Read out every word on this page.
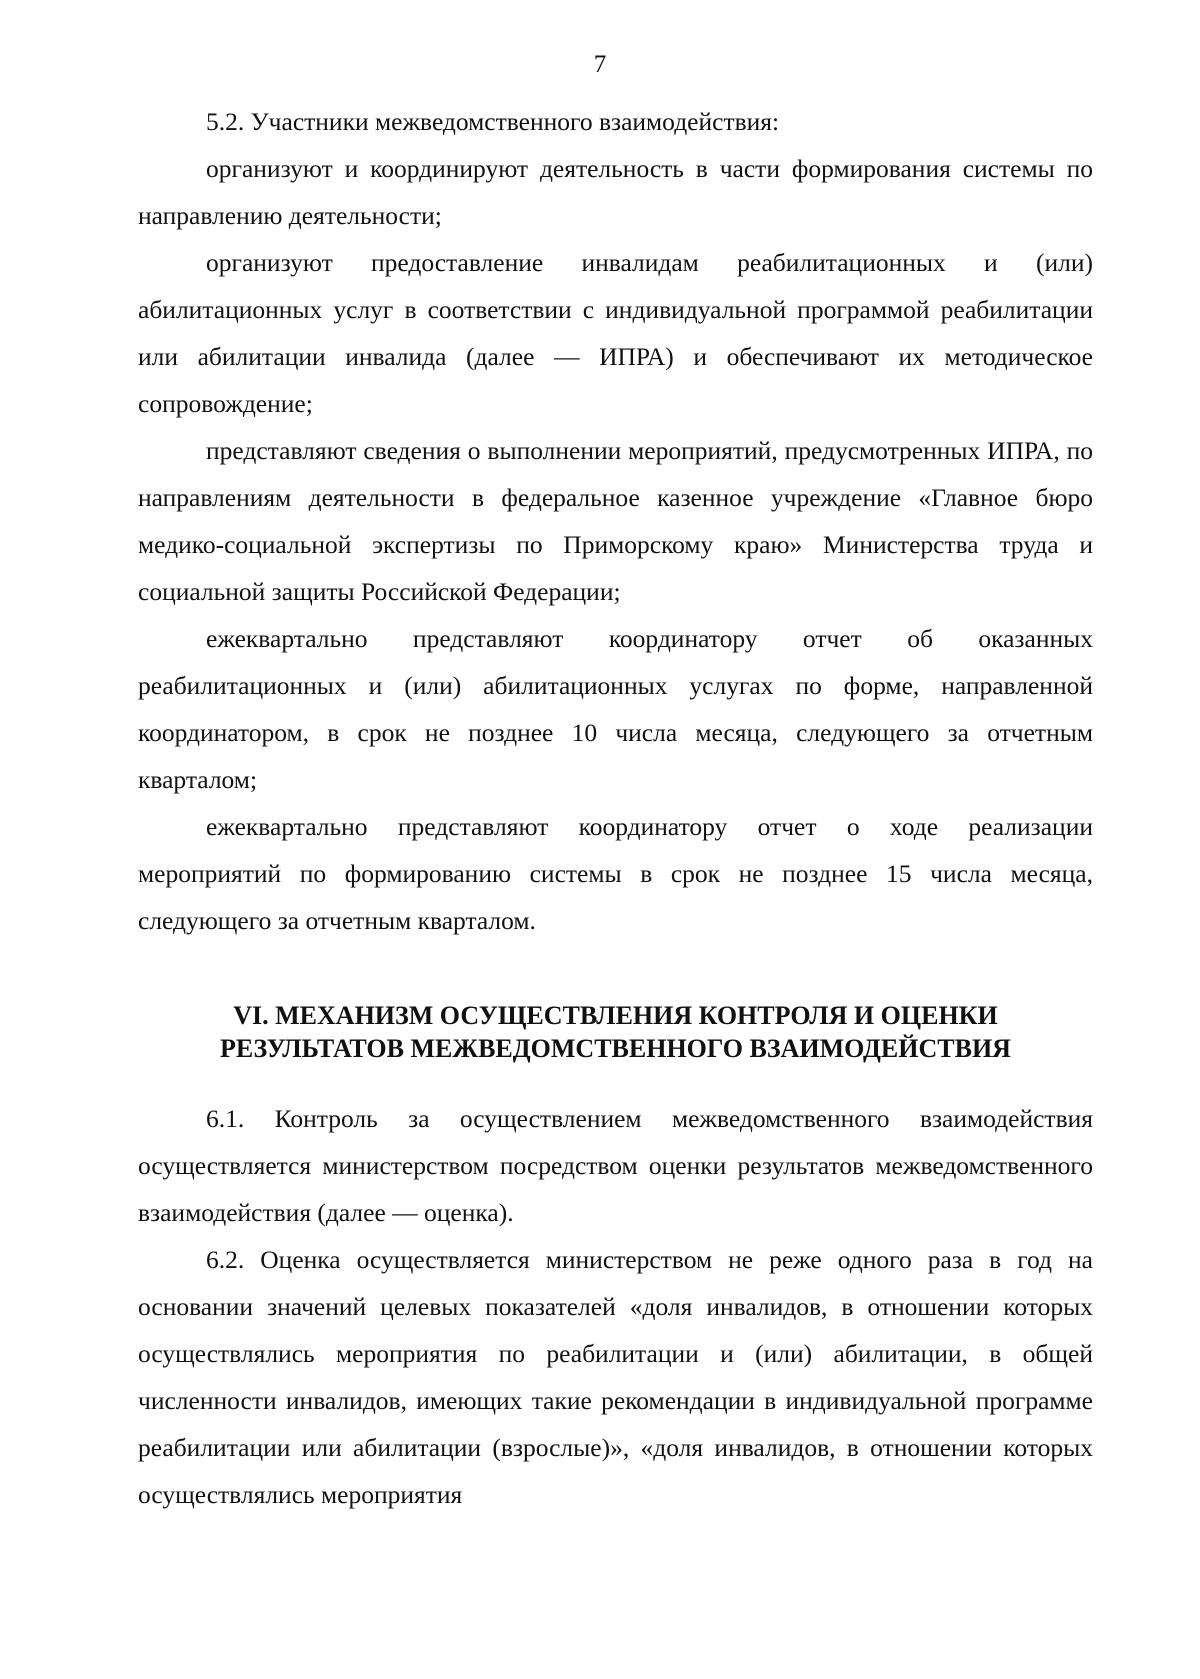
7

5.2. Участники межведомственного взаимодействия:

организуют и координируют деятельность в части формирования системы по направлению деятельности;

организуют предоставление инвалидам реабилитационных и (или) абилитационных услуг в соответствии с индивидуальной программой реабилитации или абилитации инвалида (далее — ИПРА) и обеспечивают их методическое сопровождение;

представляют сведения о выполнении мероприятий, предусмотренных ИПРА, по направлениям деятельности в федеральное казенное учреждение «Главное бюро медико-социальной экспертизы по Приморскому краю» Министерства труда и социальной защиты Российской Федерации;

ежеквартально представляют координатору отчет об оказанных реабилитационных и (или) абилитационных услугах по форме, направленной координатором, в срок не позднее 10 числа месяца, следующего за отчетным кварталом;

ежеквартально представляют координатору отчет о ходе реализации мероприятий по формированию системы в срок не позднее 15 числа месяца, следующего за отчетным кварталом.

VI. МЕХАНИЗМ ОСУЩЕСТВЛЕНИЯ КОНТРОЛЯ И ОЦЕНКИ
РЕЗУЛЬТАТОВ МЕЖВЕДОМСТВЕННОГО ВЗАИМОДЕЙСТВИЯ

6.1. Контроль за осуществлением межведомственного взаимодействия осуществляется министерством посредством оценки результатов межведомственного взаимодействия (далее — оценка).

6.2. Оценка осуществляется министерством не реже одного раза в год на основании значений целевых показателей «доля инвалидов, в отношении которых осуществлялись мероприятия по реабилитации и (или) абилитации, в общей численности инвалидов, имеющих такие рекомендации в индивидуальной программе реабилитации или абилитации (взрослые)», «доля инвалидов, в отношении которых осуществлялись мероприятия
